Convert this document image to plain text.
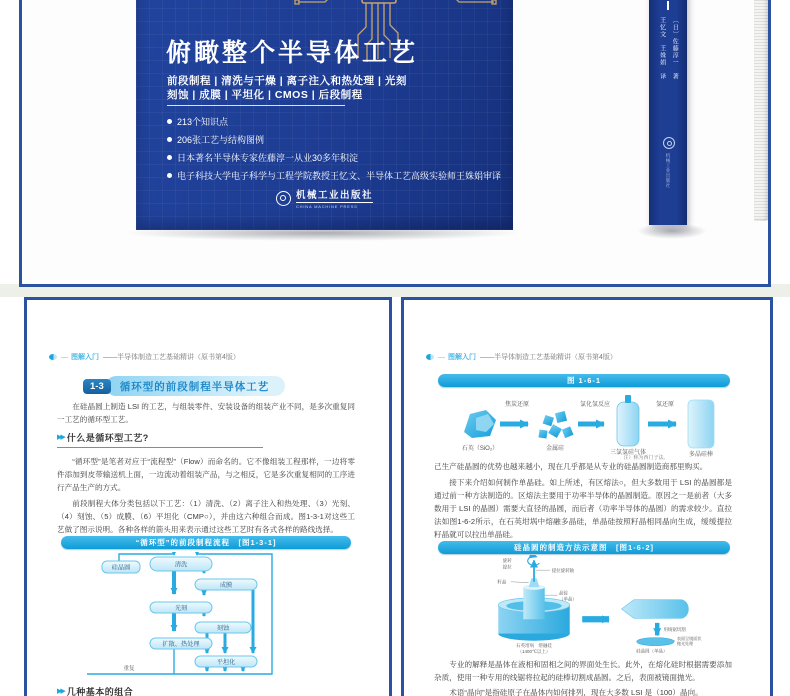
俯瞰整个半导体工艺
前段制程 | 清洗与干燥 | 离子注入和热处理 | 光刻
刻蚀 | 成膜 | 平坦化 | CMOS | 后段制程
213个知识点
206张工艺与结构图例
日本著名半导体专家佐藤淳一从业30多年积淀
电子科技大学电子科学与工程学院教授王忆文、半导体工艺高级实验师王姝娟审译
机械工业出版社
CHINA MACHINE PRESS
王忆文　王姝娟　译	〔日〕佐藤淳一　著
机械工业出版社
— 图解入门 ——半导体制造工艺基础精讲（原书第4版）
1-3	循环型的前段制程半导体工艺
在硅晶圆上制造 LSI 的工艺，与组装零件、安装设备的组装产业不同，是多次重复同一工艺的循环型工艺。
▶▶ 什么是循环型工艺?
“循环型”是笔者对应于“流程型”（Flow）而命名的。它不像组装工程那样，一边将零件添加到皮带输送机上面，一边流动着组装产品，与之相反，它是多次重复相同的工序进行产品生产的方式。
前段制程大体分类包括以下工艺：（1）清洗、（2）离子注入和热处理、（3）光刻、（4）刻蚀、（5）成膜、（6）平坦化（CMP○），并由这六种组合而成。图1-3-1对这些工艺做了图示说明。各种各样的箭头用来表示通过这些工艺时有各式各样的路线选择。
“循环型”的前段制程流程　[图1-3-1]
硅晶圆	清洗
成膜
光刻
刻蚀
扩散、热处理
平坦化
重复
▶▶ 几种基本的组合
— 图解入门 ——半导体制造工艺基础精讲（原书第4版）
图 1-6-1
焦炭还原	氯化氢反应	氢还原
石英（SiO₂）	金属硅
三氯氢硅气体
注）称为西门子法。	多晶硅棒
己生产硅晶圆的优势也越来越小，现在几乎都是从专业的硅晶圆制造商那里购买。
接下来介绍如何制作单晶硅。如上所述，有区熔法○，但大多数用于 LSI 的晶圆都是通过前一种方法制造的。区熔法主要用于功率半导体的晶圆制造。原因之一是前者（大多数用于 LSI 的晶圆）需要大直径的晶圆，而后者（功率半导体的晶圆）的需求较少。直拉法如图1-6-2所示，在石英坩埚中熔融多晶硅，单晶硅按照籽晶相同晶向生成，缓缓提拉籽晶就可以拉出单晶硅。
硅晶圆的制造方法示意图　[图1-6-2]
旋转
提拉
提拉旋转轴
籽晶
晶锭
（单晶）
石英坩埚　熔融硅
（1400℃以上）
用线锯切割
表面呈镜面状
抛光处理
硅晶圆（单晶）
专业的解释是晶体在液相和固相之间的界面处生长。此外，在熔化硅时根据需要添加杂质，使用一种专用的线锯将拉起的硅棒切割成晶圆。之后，表面被镜面抛光。
术语“晶向”是指硅原子在晶体内如何排列，现在大多数 LSI 是（100）晶向。
